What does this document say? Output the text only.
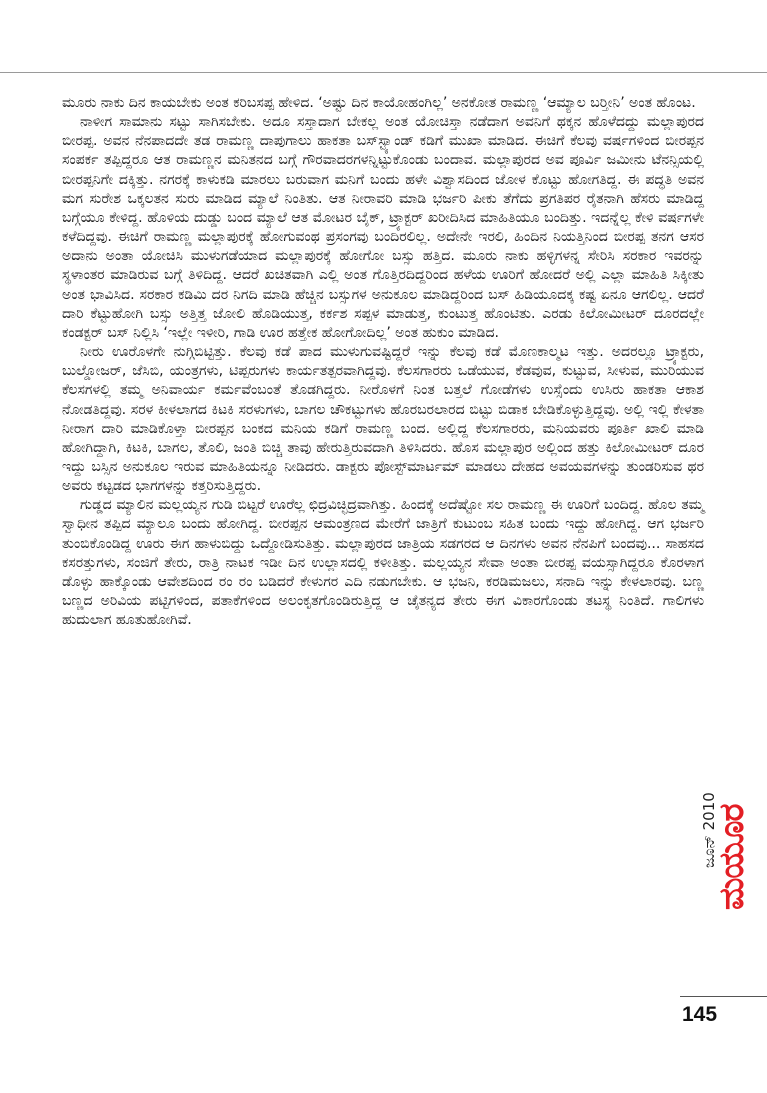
ಮೂರು ನಾಕು ದಿನ ಕಾಯಬೇಕು ಅಂತ ಕರಿಬಸಪ್ಪ ಹೇಳಿದ. ‘ಅಷ್ಟು ದಿನ ಕಾಯೋಹಂಗಿಲ್ಲ’ ಅನಕೋತ ರಾಮಣ್ಣ ‘ಆಮ್ಯಾಲ ಬರ‍್ತೀನಿ’ ಅಂತ ಹೊಂಟ.

ನಾಳೀಗ ಸಾಮಾನು ಸಟ್ಟು ಸಾಗಿಸಬೇಕು. ಅದೂ ಸಸ್ತಾದಾಗ ಬೇಕಲ್ಲ ಅಂತ ಯೋಚಿಸ್ತಾ ನಡೆದಾಗ ಅವನಿಗೆ ಥಕ್ಕನ ಹೊಳೆದದ್ದು ಮಲ್ಲಾಪುರದ ಬೀರಪ್ಪ. ಅವನ ನೆನಪಾದದೇ ತಡ ರಾಮಣ್ಣ ದಾಪುಗಾಲು ಹಾಕತಾ ಬಸ್‌ಸ್ಟ್ಯಾಂಡ್ ಕಡಿಗೆ ಮುಖಾ ಮಾಡಿದ. ಈಚಿಗೆ ಕೆಲವು ವರ್ಷಗಳಿಂದ ಬೀರಪ್ಪನ ಸಂಪರ್ಕ ತಪ್ಪಿದ್ದರೂ ಆತ ರಾಮಣ್ಣನ ಮನಿತನದ ಬಗ್ಗೆ ಗೌರವಾದರಗಳನ್ನಿಟ್ಟುಕೊಂಡು ಬಂದಾವ. ಮಲ್ಲಾಪುರದ ಅವ ಪೂರ್ವಿ ಜಮೀನು ಟೆನನ್ಸಿಯಲ್ಲಿ ಬೀರಪ್ಪನಿಗೇ ದಕ್ಕಿತ್ತು. ನಗರಕ್ಕೆ ಕಾಳುಕಡಿ ಮಾರಲು ಬರುವಾಗ ಮನಿಗೆ ಬಂದು ಹಳೇ ವಿಶ್ವಾಸದಿಂದ ಜೋಳ ಕೊಟ್ಟು ಹೋಗತಿದ್ದ. ಈ ಪದ್ಧತಿ ಅವನ ಮಗ ಸುರೇಶ ಒಕ್ಕಲತನ ಸುರು ಮಾಡಿದ ಮ್ಯಾಲೆ ನಿಂತಿತು. ಆತ ನೀರಾವರಿ ಮಾಡಿ ಭರ್ಜರಿ ಪೀಕು ತೆಗೆದು ಪ್ರಗತಿಪರ ರೈತನಾಗಿ ಹೆಸರು ಮಾಡಿದ್ದ ಬಗ್ಗೆಯೂ ಕೇಳಿದ್ದ. ಹೊಳಿಯ ದುಡ್ಡು ಬಂದ ಮ್ಯಾಲೆ ಆತ ಮೋಟರ ಬೈಕ್, ಟ್ರ್ಯಾಕ್ಟರ್ ಖರೀದಿಸಿದ ಮಾಹಿತಿಯೂ ಬಂದಿತ್ತು. ಇದನ್ನೆಲ್ಲ ಕೇಳಿ ವರ್ಷಗಳೇ ಕಳೆದಿದ್ದವು. ಈಚಿಗೆ ರಾಮಣ್ಣ ಮಲ್ಲಾಪುರಕ್ಕೆ ಹೋಗುವಂಥ ಪ್ರಸಂಗವು ಬಂದಿರಲಿಲ್ಲ. ಅದೇನೇ ಇರಲಿ, ಹಿಂದಿನ ನಿಯತ್ತಿನಿಂದ ಬೀರಪ್ಪ ತನಗ ಆಸರ ಅದಾನು ಅಂತಾ ಯೋಚಿಸಿ ಮುಳುಗಡೆಯಾದ ಮಲ್ಲಾಪುರಕ್ಕೆ ಹೋಗೋ ಬಸ್ಸು ಹತ್ತಿದ. ಮೂರು ನಾಕು ಹಳ್ಳಿಗಳನ್ನ ಸೇರಿಸಿ ಸರಕಾರ ಇವರನ್ನು ಸ್ಥಳಾಂತರ ಮಾಡಿರುವ ಬಗ್ಗೆ ತಿಳಿದಿದ್ದ. ಆದರೆ ಖಚಿತವಾಗಿ ಎಲ್ಲಿ ಅಂತ ಗೊತ್ತಿರದಿದ್ದರಿಂದ ಹಳೆಯ ಊರಿಗೆ ಹೋದರೆ ಅಲ್ಲಿ ಎಲ್ಲಾ ಮಾಹಿತಿ ಸಿಕ್ಕೀತು ಅಂತ ಭಾವಿಸಿದ. ಸರಕಾರ ಕಡಿಮಿ ದರ ನಿಗದಿ ಮಾಡಿ ಹೆಚ್ಚಿನ ಬಸ್ಸುಗಳ ಅನುಕೂಲ ಮಾಡಿದ್ದರಿಂದ ಬಸ್ ಹಿಡಿಯೂದಕ್ಕ ಕಷ್ಟ ಏನೂ ಆಗಲಿಲ್ಲ. ಆದರೆ ದಾರಿ ಕೆಟ್ಟುಹೋಗಿ ಬಸ್ಸು ಅತ್ತಿತ್ತ ಜೋಲಿ ಹೊಡಿಯುತ್ತ, ಕರ್ಕಶ ಸಪ್ಪಳ ಮಾಡುತ್ತ, ಕುಂಟುತ್ತ ಹೊಂಟಿತು. ಎರಡು ಕಿಲೋಮೀಟರ್ ದೂರದಲ್ಲೇ ಕಂಡಕ್ಟರ್ ಬಸ್ ನಿಲ್ಲಿಸಿ ‘ಇಲ್ಲೇ ಇಳೀರಿ, ಗಾಡಿ ಊರ ಹತ್ತೇಕ ಹೋಗೋದಿಲ್ಲ’ ಅಂತ ಹುಕುಂ ಮಾಡಿದ.

ನೀರು ಊರೊಳಗೇ ನುಗ್ಗಿಬಿಟ್ಟಿತ್ತು. ಕೆಲವು ಕಡೆ ಪಾದ ಮುಳುಗುವಷ್ಟಿದ್ದರೆ ಇನ್ನು ಕೆಲವು ಕಡೆ ಮೊಣಕಾಲ್ಮಟ ಇತ್ತು. ಅದರಲ್ಲೂ ಟ್ರ್ಯಾಕ್ಟರು, ಬುಲ್ಡೋಜರ್, ಜೆಸಿಬಿ, ಯಂತ್ರಗಳು, ಟಿಪ್ಪರುಗಳು ಕಾರ್ಯತತ್ಪರವಾಗಿದ್ದವು. ಕೆಲಸಗಾರರು ಒಡೆಯುವ, ಕೆಡವುವ, ಕುಟ್ಟುವ, ಸೀಳುವ, ಮುರಿಯುವ ಕೆಲಸಗಳಲ್ಲಿ ತಮ್ಮ ಅನಿವಾರ್ಯ ಕರ್ಮವೆಂಬಂತೆ ತೊಡಗಿದ್ದರು. ನೀರೊಳಗೆ ನಿಂತ ಬತ್ತಲೆ ಗೋಡೆಗಳು ಉಸ್ಸೆಂದು ಉಸಿರು ಹಾಕತಾ ಆಕಾಶ ನೋಡತಿದ್ದವು. ಸರಳ ಕೀಳಲಾಗದ ಕಿಟಕಿ ಸರಳುಗಳು, ಬಾಗಲ ಚೌಕಟ್ಟುಗಳು ಹೊರಬರಲಾರದ ಬಿಟ್ಟು ಬಿಡಾಕ ಬೇಡಿಕೊಳ್ಳುತ್ತಿದ್ದವು. ಅಲ್ಲಿ ಇಲ್ಲಿ ಕೇಳತಾ ನೀರಾಗ ದಾರಿ ಮಾಡಿಕೊಳ್ತಾ ಬೀರಪ್ಪನ ಬಂಕದ ಮನಿಯ ಕಡಿಗೆ ರಾಮಣ್ಣ ಬಂದ. ಅಲ್ಲಿದ್ದ ಕೆಲಸಗಾರರು, ಮನಿಯವರು ಪೂರ್ತಿ ಖಾಲಿ ಮಾಡಿ ಹೋಗಿದ್ದಾಗಿ, ಕಿಟಕಿ, ಬಾಗಲ, ತೊಲಿ, ಜಂತಿ ಬಿಚ್ಚಿ ತಾವು ಹೇರುತ್ತಿರುವದಾಗಿ ತಿಳಿಸಿದರು. ಹೊಸ ಮಲ್ಲಾಪುರ ಅಲ್ಲಿಂದ ಹತ್ತು ಕಿಲೋಮೀಟರ್ ದೂರ ಇದ್ದು ಬಸ್ಸಿನ ಅನುಕೂಲ ಇರುವ ಮಾಹಿತಿಯನ್ನೂ ನೀಡಿದರು. ಡಾಕ್ಟರು ಪೋಸ್ಟ್‌ಮಾರ್ಟಮ್ ಮಾಡಲು ದೇಹದ ಅವಯವಗಳನ್ನು ತುಂಡರಿಸುವ ಥರ ಅವರು ಕಟ್ಟಡದ ಭಾಗಗಳನ್ನು ಕತ್ತರಿಸುತ್ತಿದ್ದರು.

ಗುಡ್ಡದ ಮ್ಯಾಲಿನ ಮಲ್ಲಯ್ಯನ ಗುಡಿ ಬಿಟ್ಟರೆ ಊರೆಲ್ಲ ಛಿದ್ರವಿಚ್ಛಿದ್ರವಾಗಿತ್ತು. ಹಿಂದಕ್ಕೆ ಅದೆಷ್ಟೋ ಸಲ ರಾಮಣ್ಣ ಈ ಊರಿಗೆ ಬಂದಿದ್ದ. ಹೊಲ ತಮ್ಮ ಸ್ವಾಧೀನ ತಪ್ಪಿದ ಮ್ಯಾಲೂ ಬಂದು ಹೋಗಿದ್ದ. ಬೀರಪ್ಪನ ಆಮಂತ್ರಣದ ಮೇರೆಗೆ ಜಾತ್ರಿಗೆ ಕುಟುಂಬ ಸಹಿತ ಬಂದು ಇದ್ದು ಹೋಗಿದ್ದ. ಆಗ ಭರ್ಜರಿ ತುಂಬಿಕೊಂಡಿದ್ದ ಊರು ಈಗ ಹಾಳುಬಿದ್ದು ಒದ್ದೋಡಿಸುತಿತ್ತು. ಮಲ್ಲಾಪುರದ ಜಾತ್ರಿಯ ಸಡಗರದ ಆ ದಿನಗಳು ಅವನ ನೆನಪಿಗೆ ಬಂದವು... ಸಾಹಸದ ಕಸರತ್ತುಗಳು, ಸಂಜಿಗೆ ತೇರು, ರಾತ್ರಿ ನಾಟಕ ಇಡೀ ದಿನ ಉಲ್ಲಾಸದಲ್ಲಿ ಕಳೀತಿತ್ತು. ಮಲ್ಲಯ್ಯನ ಸೇವಾ ಅಂತಾ ಬೀರಪ್ಪ ವಯಸ್ಸಾಗಿದ್ದರೂ ಕೊರಳಾಗ ಡೊಳ್ಳು ಹಾಕ್ಕೊಂಡು ಆವೇಶದಿಂದ ರಂ ರಂ ಬಡಿದರೆ ಕೇಳುಗರ ಎದಿ ನಡುಗಬೇಕು. ಆ ಭಜನಿ, ಕರಡಿಮಜಲು, ಸನಾದಿ ಇನ್ನು ಕೇಳಲಾರವು. ಬಣ್ಣ ಬಣ್ಣದ ಅರಿವಿಯ ಪಟ್ಟಿಗಳಿಂದ, ಪತಾಕೆಗಳಿಂದ ಅಲಂಕೃತಗೊಂಡಿರುತ್ತಿದ್ದ ಆ ಚೈತನ್ಯದ ತೇರು ಈಗ ವಿಕಾರಗೊಂಡು ತಟಸ್ಥ ನಿಂತಿದೆ. ಗಾಲಿಗಳು ಹುದುಲಾಗ ಹೂತುಹೋಗಿವೆ.

ಜೂನ್ 2010
ಮಯೂರ
145
